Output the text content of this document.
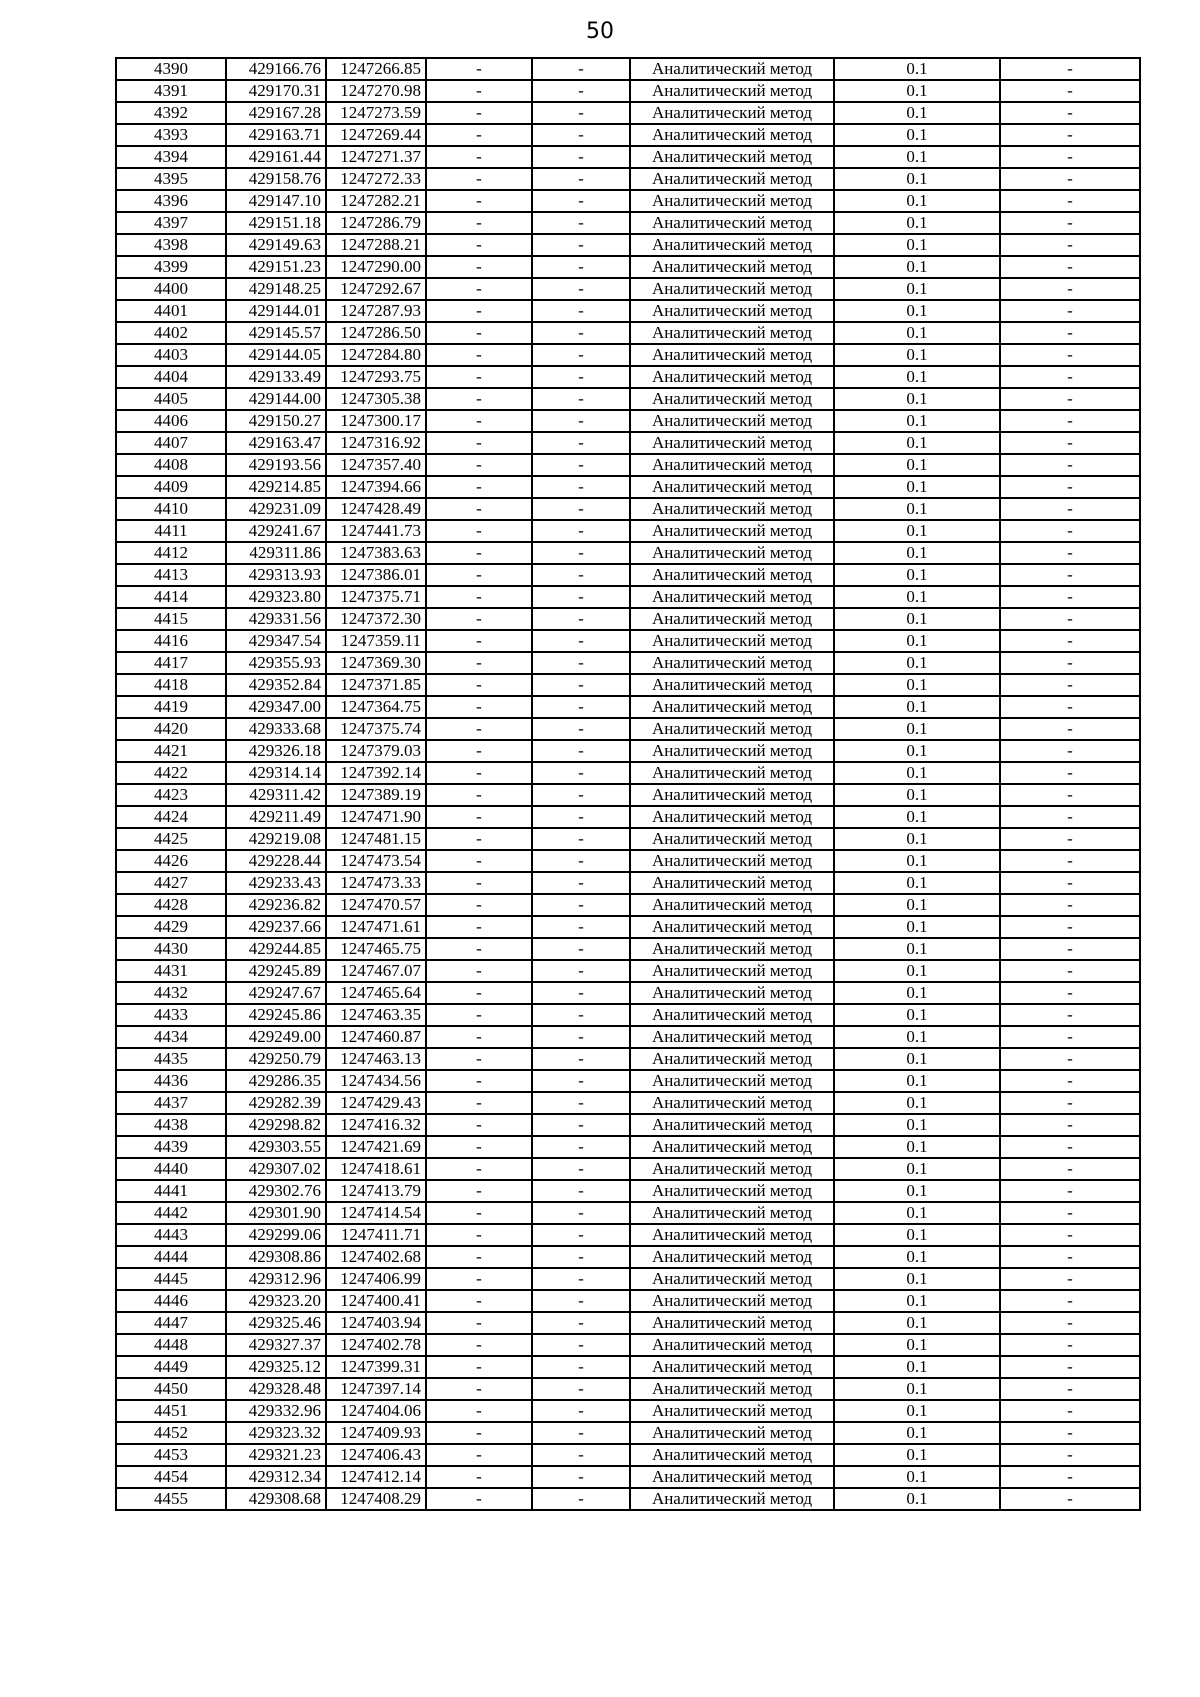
50
4390	429166.76	1247266.85	-	-	Аналитический метод	0.1	-
4391	429170.31	1247270.98	-	-	Аналитический метод	0.1	-
4392	429167.28	1247273.59	-	-	Аналитический метод	0.1	-
4393	429163.71	1247269.44	-	-	Аналитический метод	0.1	-
4394	429161.44	1247271.37	-	-	Аналитический метод	0.1	-
4395	429158.76	1247272.33	-	-	Аналитический метод	0.1	-
4396	429147.10	1247282.21	-	-	Аналитический метод	0.1	-
4397	429151.18	1247286.79	-	-	Аналитический метод	0.1	-
4398	429149.63	1247288.21	-	-	Аналитический метод	0.1	-
4399	429151.23	1247290.00	-	-	Аналитический метод	0.1	-
4400	429148.25	1247292.67	-	-	Аналитический метод	0.1	-
4401	429144.01	1247287.93	-	-	Аналитический метод	0.1	-
4402	429145.57	1247286.50	-	-	Аналитический метод	0.1	-
4403	429144.05	1247284.80	-	-	Аналитический метод	0.1	-
4404	429133.49	1247293.75	-	-	Аналитический метод	0.1	-
4405	429144.00	1247305.38	-	-	Аналитический метод	0.1	-
4406	429150.27	1247300.17	-	-	Аналитический метод	0.1	-
4407	429163.47	1247316.92	-	-	Аналитический метод	0.1	-
4408	429193.56	1247357.40	-	-	Аналитический метод	0.1	-
4409	429214.85	1247394.66	-	-	Аналитический метод	0.1	-
4410	429231.09	1247428.49	-	-	Аналитический метод	0.1	-
4411	429241.67	1247441.73	-	-	Аналитический метод	0.1	-
4412	429311.86	1247383.63	-	-	Аналитический метод	0.1	-
4413	429313.93	1247386.01	-	-	Аналитический метод	0.1	-
4414	429323.80	1247375.71	-	-	Аналитический метод	0.1	-
4415	429331.56	1247372.30	-	-	Аналитический метод	0.1	-
4416	429347.54	1247359.11	-	-	Аналитический метод	0.1	-
4417	429355.93	1247369.30	-	-	Аналитический метод	0.1	-
4418	429352.84	1247371.85	-	-	Аналитический метод	0.1	-
4419	429347.00	1247364.75	-	-	Аналитический метод	0.1	-
4420	429333.68	1247375.74	-	-	Аналитический метод	0.1	-
4421	429326.18	1247379.03	-	-	Аналитический метод	0.1	-
4422	429314.14	1247392.14	-	-	Аналитический метод	0.1	-
4423	429311.42	1247389.19	-	-	Аналитический метод	0.1	-
4424	429211.49	1247471.90	-	-	Аналитический метод	0.1	-
4425	429219.08	1247481.15	-	-	Аналитический метод	0.1	-
4426	429228.44	1247473.54	-	-	Аналитический метод	0.1	-
4427	429233.43	1247473.33	-	-	Аналитический метод	0.1	-
4428	429236.82	1247470.57	-	-	Аналитический метод	0.1	-
4429	429237.66	1247471.61	-	-	Аналитический метод	0.1	-
4430	429244.85	1247465.75	-	-	Аналитический метод	0.1	-
4431	429245.89	1247467.07	-	-	Аналитический метод	0.1	-
4432	429247.67	1247465.64	-	-	Аналитический метод	0.1	-
4433	429245.86	1247463.35	-	-	Аналитический метод	0.1	-
4434	429249.00	1247460.87	-	-	Аналитический метод	0.1	-
4435	429250.79	1247463.13	-	-	Аналитический метод	0.1	-
4436	429286.35	1247434.56	-	-	Аналитический метод	0.1	-
4437	429282.39	1247429.43	-	-	Аналитический метод	0.1	-
4438	429298.82	1247416.32	-	-	Аналитический метод	0.1	-
4439	429303.55	1247421.69	-	-	Аналитический метод	0.1	-
4440	429307.02	1247418.61	-	-	Аналитический метод	0.1	-
4441	429302.76	1247413.79	-	-	Аналитический метод	0.1	-
4442	429301.90	1247414.54	-	-	Аналитический метод	0.1	-
4443	429299.06	1247411.71	-	-	Аналитический метод	0.1	-
4444	429308.86	1247402.68	-	-	Аналитический метод	0.1	-
4445	429312.96	1247406.99	-	-	Аналитический метод	0.1	-
4446	429323.20	1247400.41	-	-	Аналитический метод	0.1	-
4447	429325.46	1247403.94	-	-	Аналитический метод	0.1	-
4448	429327.37	1247402.78	-	-	Аналитический метод	0.1	-
4449	429325.12	1247399.31	-	-	Аналитический метод	0.1	-
4450	429328.48	1247397.14	-	-	Аналитический метод	0.1	-
4451	429332.96	1247404.06	-	-	Аналитический метод	0.1	-
4452	429323.32	1247409.93	-	-	Аналитический метод	0.1	-
4453	429321.23	1247406.43	-	-	Аналитический метод	0.1	-
4454	429312.34	1247412.14	-	-	Аналитический метод	0.1	-
4455	429308.68	1247408.29	-	-	Аналитический метод	0.1	-
